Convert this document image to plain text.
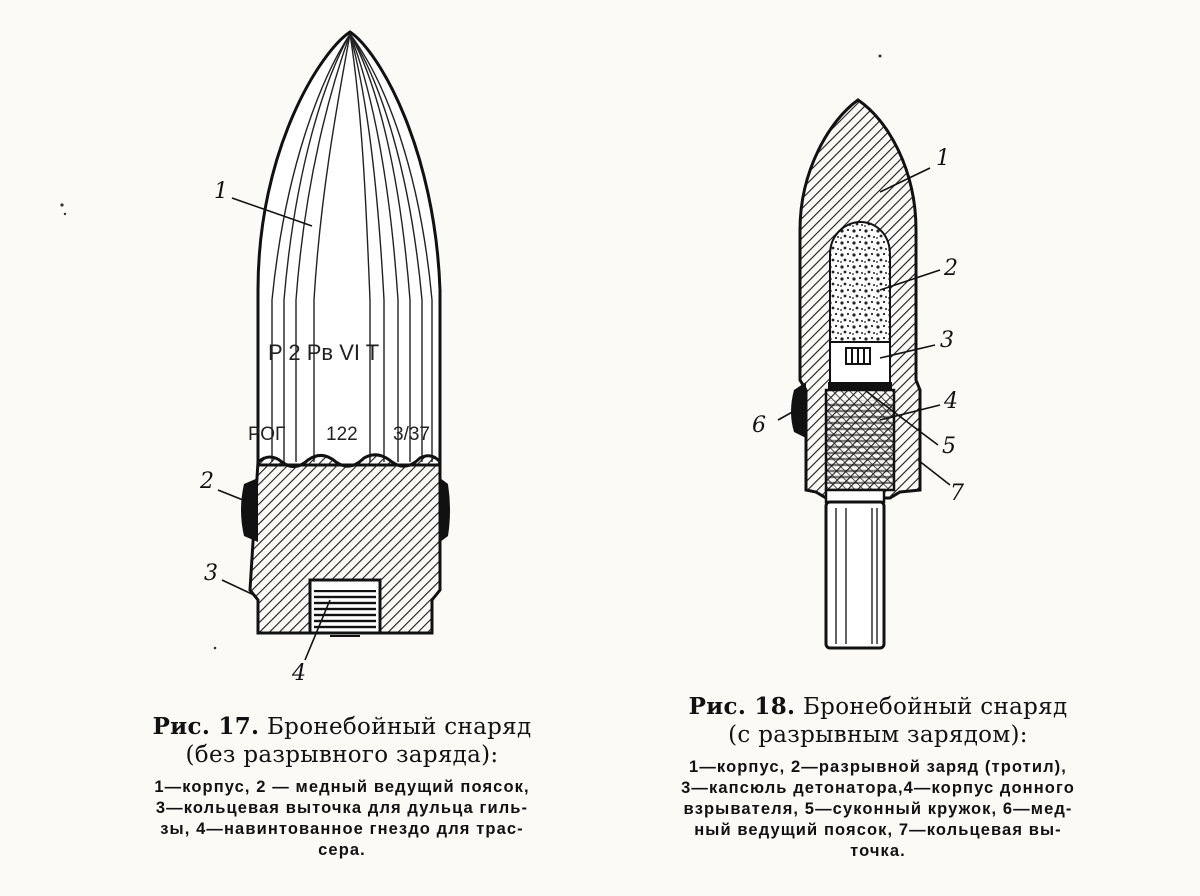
P 2 Pв VI T
РОГ 122 3/37
1
2
3
4
1
2
3
4
5
6
7
Рис. 17. Бронебойный снаряд
(без разрывного заряда):
1—корпус, 2 — медный ведущий поясок,
3—кольцевая выточка для дульца гиль-
зы, 4—навинтованное гнездо для трас-
сера.
Рис. 18. Бронебойный снаряд
(с разрывным зарядом):
1—корпус, 2—разрывной заряд (тротил),
3—капсюль детонатора,4—корпус донного
взрывателя, 5—суконный кружок, 6—мед-
ный ведущий поясок, 7—кольцевая вы-
точка.
